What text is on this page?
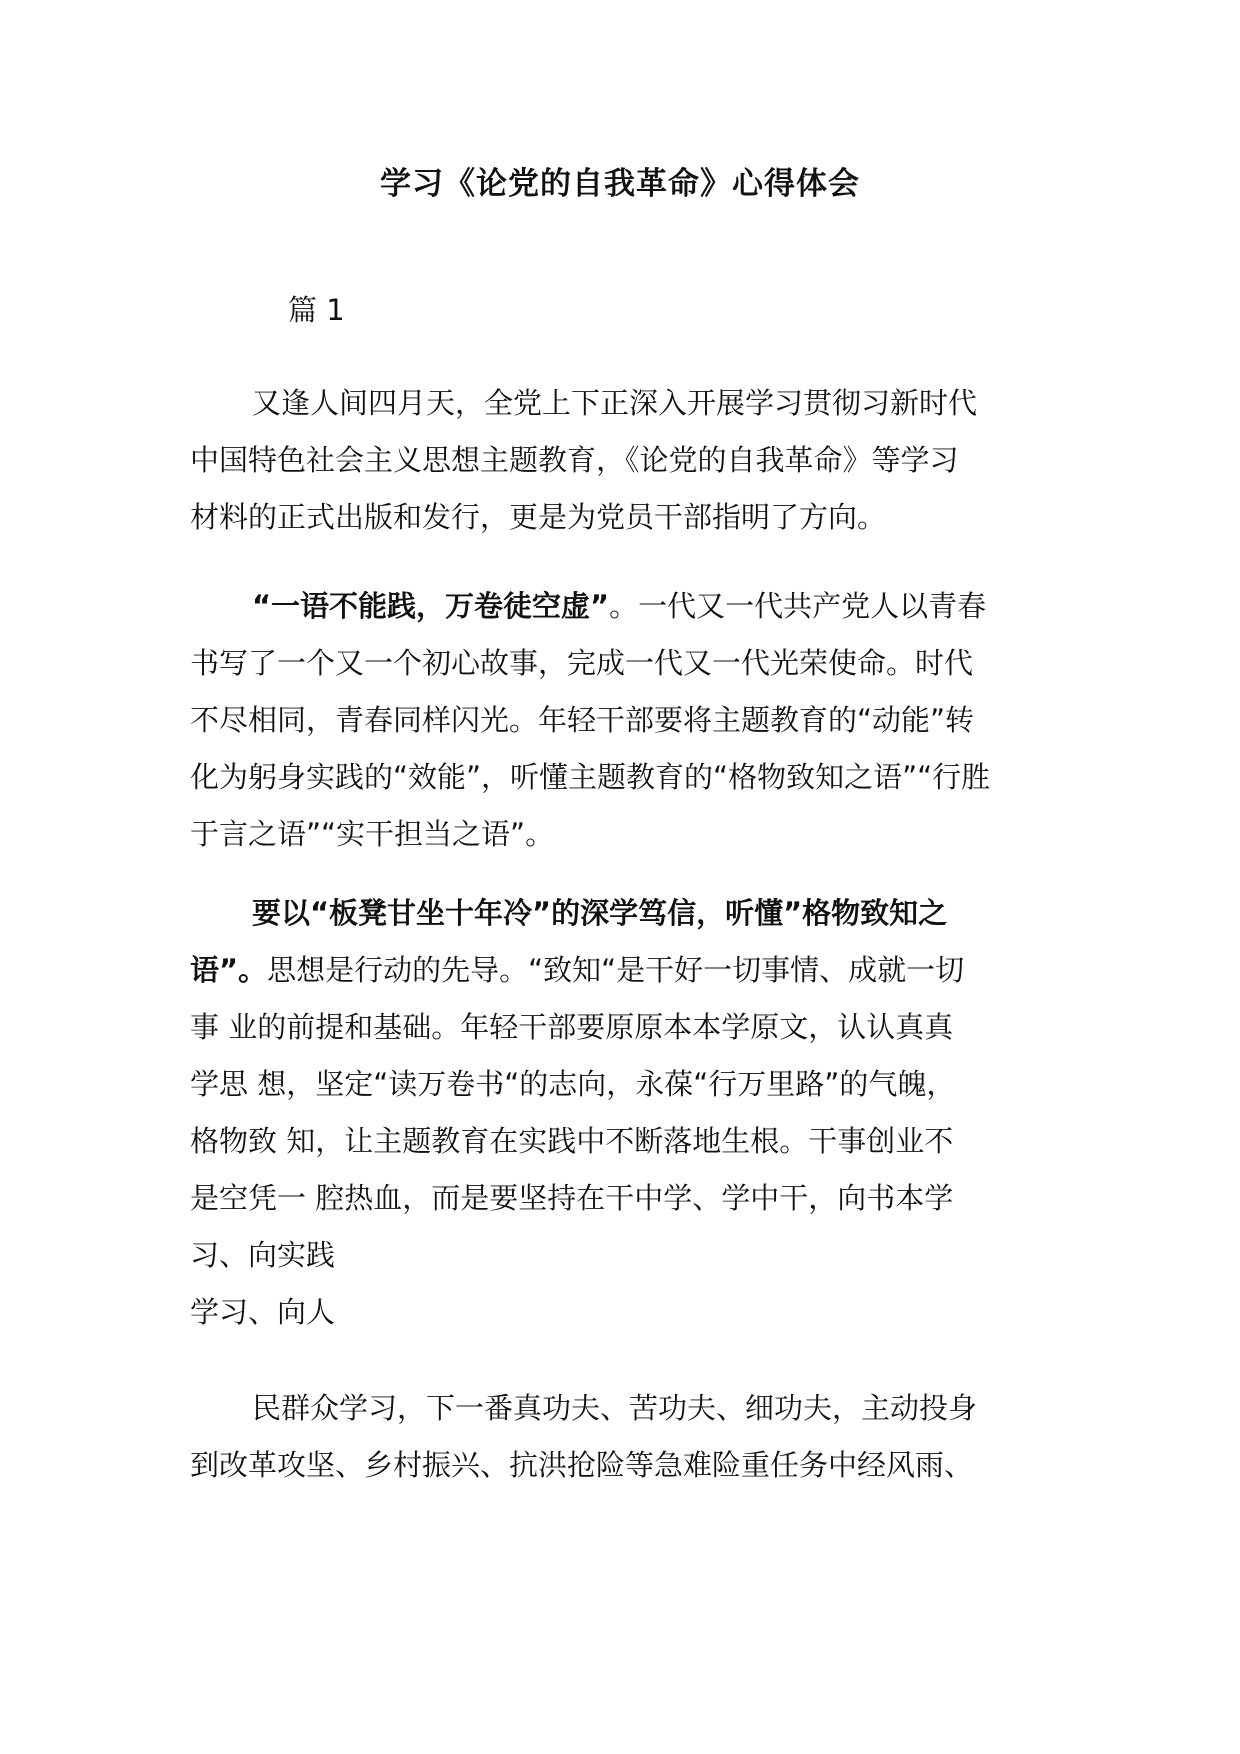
学习《论党的自我革命》心得体会
篇 1
又逢人间四月天，全党上下正深入开展学习贯彻习新时代
中国特色社会主义思想主题教育，《论党的自我革命》等学习
材料的正式出版和发行，更是为党员干部指明了方向。
“一语不能践，万卷徒空虚”。一代又一代共产党人以青春
书写了一个又一个初心故事，完成一代又一代光荣使命。时代
不尽相同，青春同样闪光。年轻干部要将主题教育的“动能”转
化为躬身实践的“效能”，听懂主题教育的“格物致知之语”“行胜
于言之语”“实干担当之语”。
要以“板凳甘坐十年冷”的深学笃信，听懂”格物致知之
语”。思想是行动的先导。“致知“是干好一切事情、成就一切
事 业的前提和基础。年轻干部要原原本本学原文，认认真真
学思 想，坚定“读万卷书“的志向，永葆“行万里路”的气魄，
格物致 知，让主题教育在实践中不断落地生根。干事创业不
是空凭一 腔热血，而是要坚持在干中学、学中干，向书本学
习、向实践
学习、向人
民群众学习，下一番真功夫、苦功夫、细功夫，主动投身
到改革攻坚、乡村振兴、抗洪抢险等急难险重任务中经风雨、
